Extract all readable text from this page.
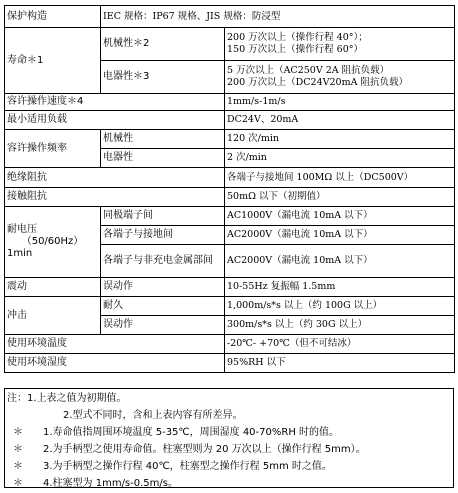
保护构造	IEC 规格：IP67 规格、JIS 规格：防浸型	
寿命＊1	机械性＊2	200 万次以上（操作行程 40°）；
150 万次以上（操作行程 60°）

	电器性＊3	5 万次以上（AC250V 2A 阻抗负载）
200 万次以上（DC24V20mA 阻抗负载）

容许操作速度＊4		1mm/s-1m/s
最小适用负载		DC24V、20mA
容许操作频率	机械性	120 次/min
	电器性	2 次/min
绝缘阻抗		各端子与接地间 100MΩ 以上（DC500V）
接触阻抗		50mΩ 以下（初期值）

耐电压
（50/60Hz）
1min	同极端子间	AC1000V（漏电流 10mA 以下）
	各端子与接地间	AC2000V（漏电流 10mA 以下）
	各端子与非充电金属部间	AC2000V（漏电流 10mA 以下）
震动	误动作	10-55Hz 复振幅 1.5mm
冲击	耐久	1,000m/s*s 以上（约 100G 以上）
	误动作	300m/s*s 以上（约 30G 以上）
使用环境温度		-20℃- +70℃（但不可结冰）
使用环境湿度		95%RH 以下
注：1.上表之值为初期值。
2.型式不同时，含和上表内容有所差异。
＊ 1.寿命值指周围环境温度 5-35℃，周围湿度 40-70%RH 时的值。
＊ 2.为手柄型之使用寿命值。柱塞型则为 20 万次以上（操作行程 5mm）。
＊ 3.为手柄型之操作行程 40℃，柱塞型之操作行程 5mm 时之值。
＊ 4.柱塞型为 1mm/s-0.5m/s。
